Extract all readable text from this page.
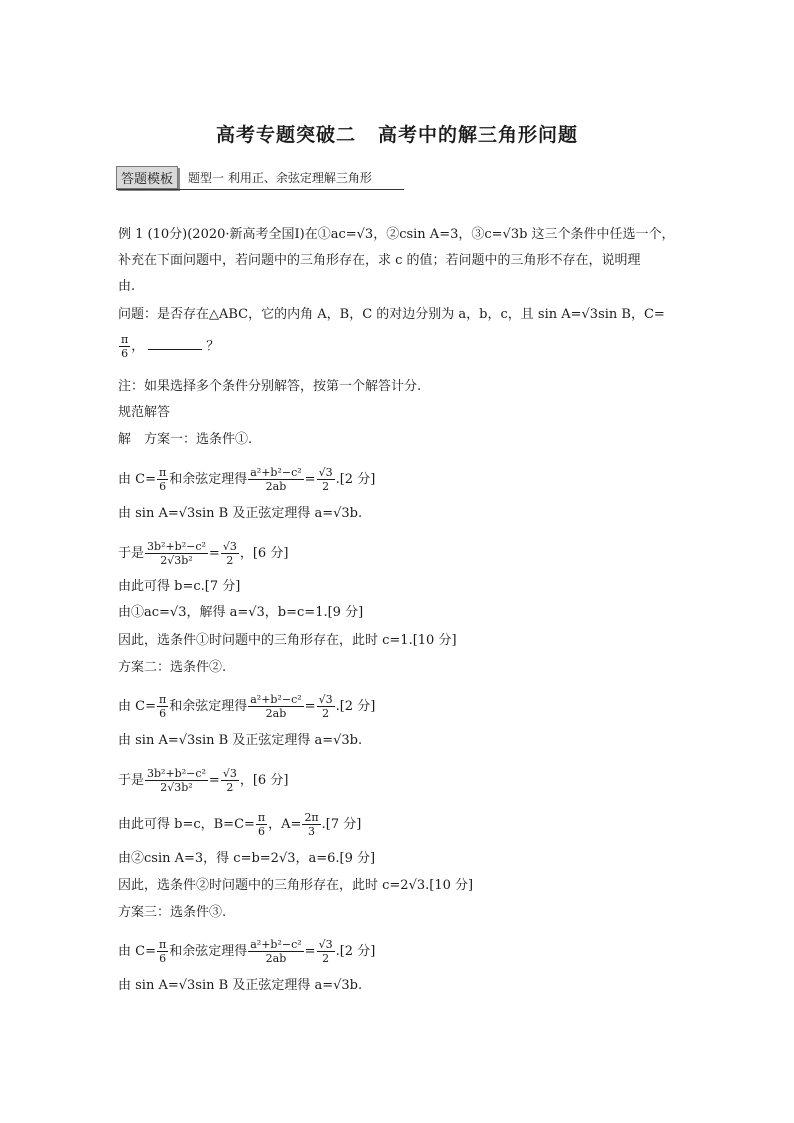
高考专题突破二 高考中的解三角形问题
答题模板	题型一 利用正、余弦定理解三角形
例 1 (10分)(2020·新高考全国Ⅰ)在①ac=√3，②csin A=3，③c=√3b 这三个条件中任选一个，
补充在下面问题中，若问题中的三角形存在，求 c 的值；若问题中的三角形不存在，说明理
由.
问题：是否存在△ABC，它的内角 A，B，C 的对边分别为 a，b，c，且 sin A=√3sin B，C=
$\frac{\pi}{6}$ ，	？
注：如果选择多个条件分别解答，按第一个解答计分.
规范解答
解　方案一：选条件①.
由 $C= \frac{\pi}{6}$ 和余弦定理得 $\frac{\text{a²+b²−c²}}{2ab} = \frac{√3}{2} .[2$ 分]
由 sin A=√3sin B 及正弦定理得 a=√3b.
于是 $\frac{\text{3b²+b²−c²}}{\text{2√3b²}} = \frac{√3}{2}$ ，[6 分]
由此可得 b=c.[7 分]
由①ac=√3，解得 a=√3，b=c=1.[9 分]
因此，选条件①时问题中的三角形存在，此时 c=1.[10 分]
方案二：选条件②.
由 $C= \frac{\pi}{6}$ 和余弦定理得 $\frac{\text{a²+b²−c²}}{2ab} = \frac{√3}{2} .[2$ 分]
由 sin A=√3sin B 及正弦定理得 a=√3b.
于是 $\frac{\text{3b²+b²−c²}}{\text{2√3b²}} = \frac{√3}{2}$ ，[6 分]
由此可得 b=c，$B=C= \frac{\pi}{6}$ ，$A= \frac{2\pi}{3} .[7$ 分]
由②csin A=3，得 c=b=2√3，a=6.[9 分]
因此，选条件②时问题中的三角形存在，此时 c=2√3.[10 分]
方案三：选条件③.
由 $C= \frac{\pi}{6}$ 和余弦定理得 $\frac{\text{a²+b²−c²}}{2ab} = \frac{√3}{2} .[2$ 分]
由 sin A=√3sin B 及正弦定理得 a=√3b.
